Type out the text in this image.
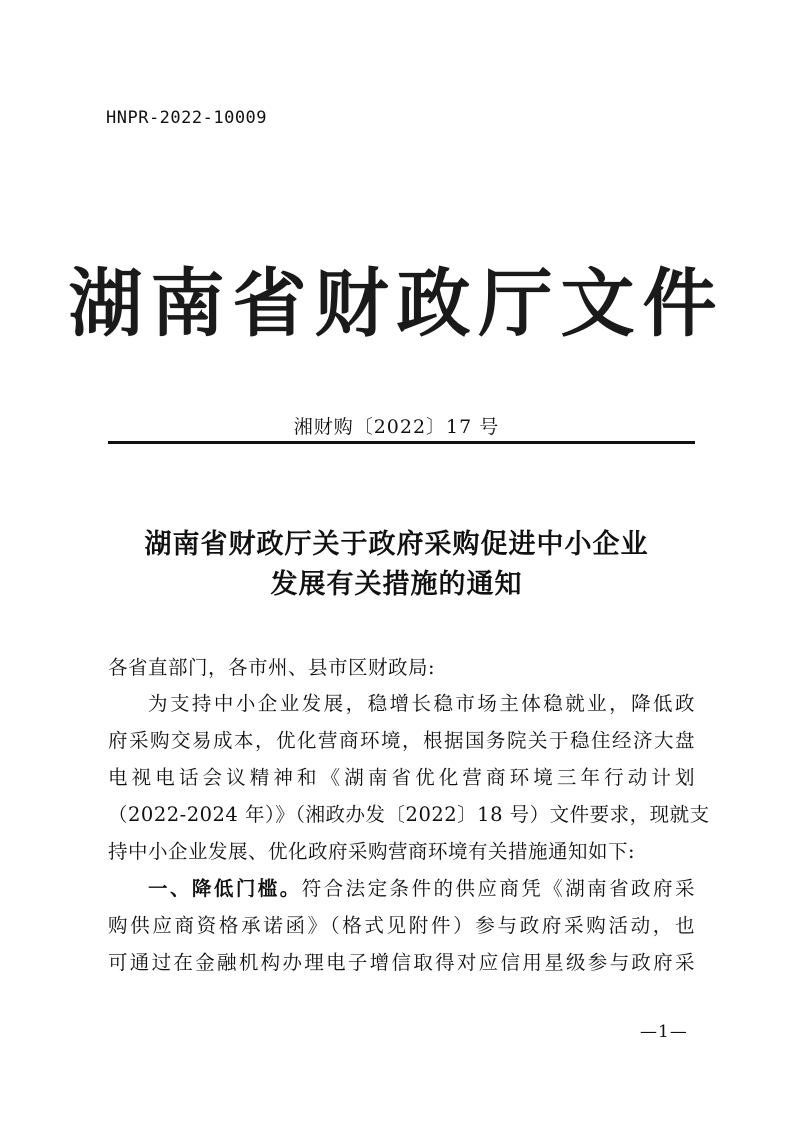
HNPR-2022-10009
湖南省财政厅文件
湘财购〔2022〕17 号
湖南省财政厅关于政府采购促进中小企业
发展有关措施的通知
各省直部门，各市州、县市区财政局:
为支持中小企业发展，稳增长稳市场主体稳就业，降低政
府采购交易成本，优化营商环境，根据国务院关于稳住经济大盘
电视电话会议精神和《湖南省优化营商环境三年行动计划
（2022-2024 年）》（湘政办发〔2022〕18 号）文件要求，现就支
持中小企业发展、优化政府采购营商环境有关措施通知如下:
一、降低门槛。符合法定条件的供应商凭《湖南省政府采
购供应商资格承诺函》（格式见附件）参与政府采购活动，也
可通过在金融机构办理电子增信取得对应信用星级参与政府采
—1—
